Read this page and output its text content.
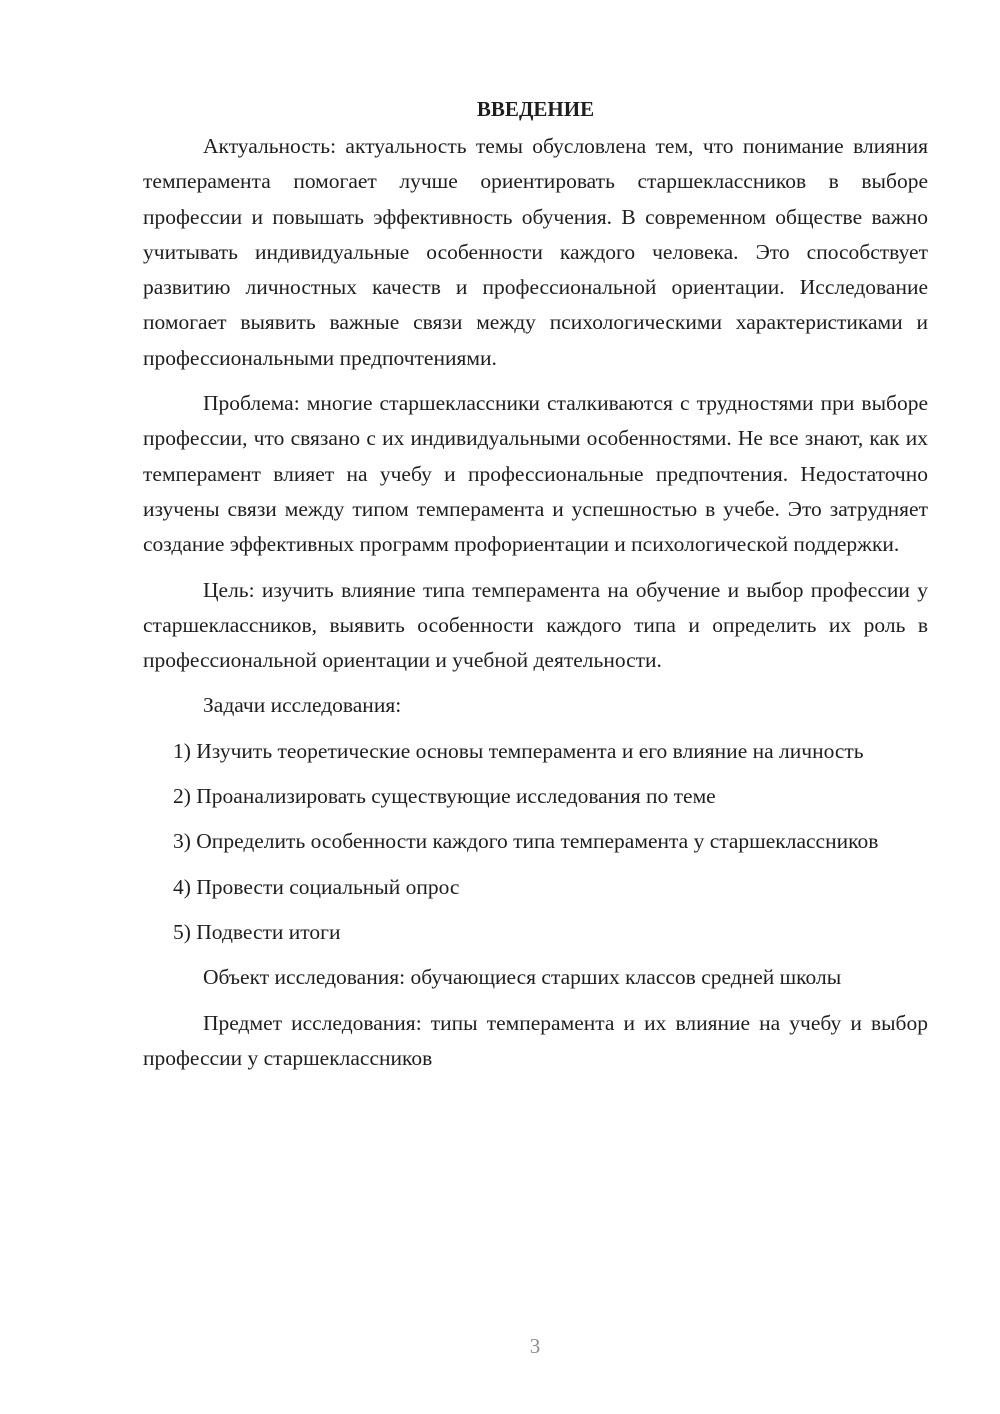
ВВЕДЕНИЕ

Актуальность: актуальность темы обусловлена тем, что понимание влияния темперамента помогает лучше ориентировать старшеклассников в выборе профессии и повышать эффективность обучения. В современном обществе важно учитывать индивидуальные особенности каждого человека. Это способствует развитию личностных качеств и профессиональной ориентации. Исследование помогает выявить важные связи между психологическими характеристиками и профессиональными предпочтениями.

Проблема: многие старшеклассники сталкиваются с трудностями при выборе профессии, что связано с их индивидуальными особенностями. Не все знают, как их темперамент влияет на учебу и профессиональные предпочтения. Недостаточно изучены связи между типом темперамента и успешностью в учебе. Это затрудняет создание эффективных программ профориентации и психологической поддержки.

Цель: изучить влияние типа темперамента на обучение и выбор профессии у старшеклассников, выявить особенности каждого типа и определить их роль в профессиональной ориентации и учебной деятельности.

Задачи исследования:

1) Изучить теоретические основы темперамента и его влияние на личность

2) Проанализировать существующие исследования по теме

3) Определить особенности каждого типа темперамента у старшеклассников

4) Провести социальный опрос

5) Подвести итоги

Объект исследования: обучающиеся старших классов средней школы

Предмет исследования: типы темперамента и их влияние на учебу и выбор профессии у старшеклассников

3
